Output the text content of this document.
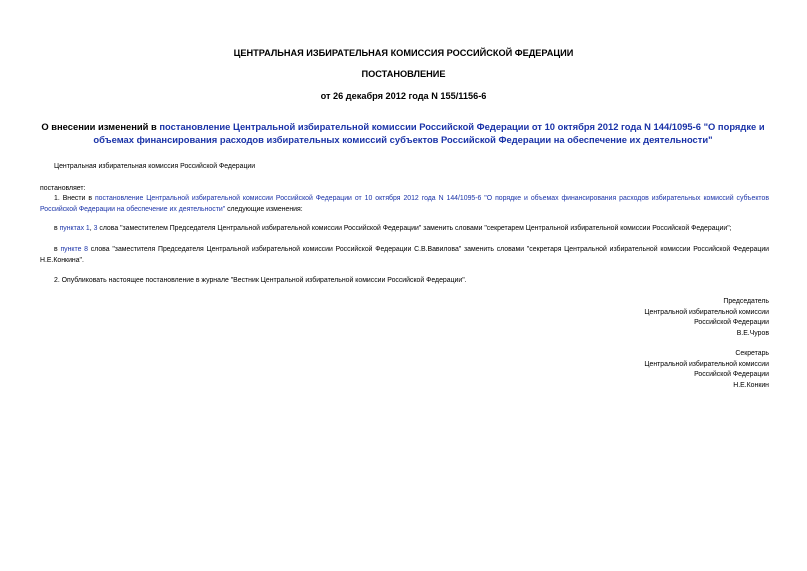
ЦЕНТРАЛЬНАЯ ИЗБИРАТЕЛЬНАЯ КОМИССИЯ РОССИЙСКОЙ ФЕДЕРАЦИИ
ПОСТАНОВЛЕНИЕ
от 26 декабря 2012 года N 155/1156-6
О внесении изменений в постановление Центральной избирательной комиссии Российской Федерации от 10 октября 2012 года N 144/1095-6 "О порядке и объемах финансирования расходов избирательных комиссий субъектов Российской Федерации на обеспечение их деятельности"
Центральная избирательная комиссия Российской Федерации
постановляет:
1. Внести в постановление Центральной избирательной комиссии Российской Федерации от 10 октября 2012 года N 144/1095-6 "О порядке и объемах финансирования расходов избирательных комиссий субъектов Российской Федерации на обеспечение их деятельности" следующие изменения:
в пунктах 1, 3 слова "заместителем Председателя Центральной избирательной комиссии Российской Федерации" заменить словами "секретарем Центральной избирательной комиссии Российской Федерации";
в пункте 8 слова "заместителя Председателя Центральной избирательной комиссии Российской Федерации С.В.Вавилова" заменить словами "секретаря Центральной избирательной комиссии Российской Федерации Н.Е.Конкина".
2. Опубликовать настоящее постановление в журнале "Вестник Центральной избирательной комиссии Российской Федерации".
Председатель
Центральной избирательной комиссии
Российской Федерации
В.Е.Чуров
Секретарь
Центральной избирательной комиссии
Российской Федерации
Н.Е.Конкин
